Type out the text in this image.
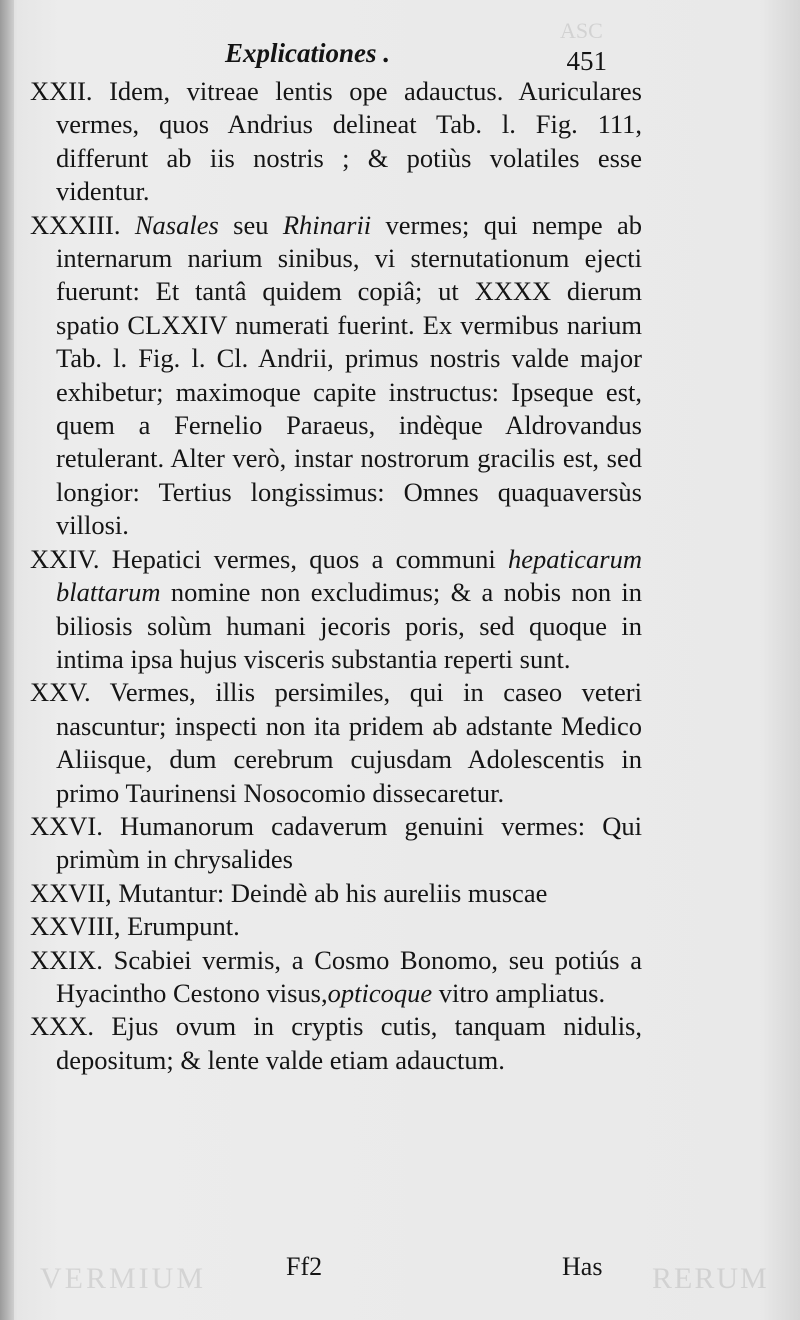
ASC
Explicationes .	451
XXII. Idem, vitreae lentis ope adauctus. Auriculares vermes, quos Andrius delineat Tab. l. Fig. 111, differunt ab iis nostris ; & potiùs volatiles esse videntur.
XXXIII. Nasales seu Rhinarii vermes; qui nempe ab internarum narium sinibus, vi sternutationum ejecti fuerunt: Et tantâ quidem copiâ; ut XXXX dierum spatio CLXXIV numerati fuerint. Ex vermibus narium Tab. l. Fig. l. Cl. Andrii, primus nostris valde major exhibetur; maximoque capite instructus: Ipseque est, quem a Fernelio Paraeus, indèque Aldrovandus retulerant. Alter verò, instar nostrorum gracilis est, sed longior: Tertius longissimus: Omnes quaquaversùs villosi.
XXIV. Hepatici vermes, quos a communi hepaticarum blattarum nomine non excludimus; & a nobis non in biliosis solùm humani jecoris poris, sed quoque in intima ipsa hujus visceris substantia reperti sunt.
XXV. Vermes, illis persimiles, qui in caseo veteri nascuntur; inspecti non ita pridem ab adstante Medico Aliisque, dum cerebrum cujusdam Adolescentis in primo Taurinensi Nosocomio dissecaretur.
XXVI. Humanorum cadaverum genuini vermes: Qui primùm in chrysalides
XXVII, Mutantur: Deindè ab his aureliis muscae
XXVIII, Erumpunt.
XXIX. Scabiei vermis, a Cosmo Bonomo, seu potiús a Hyacintho Cestono visus,opticoque vitro ampliatus.
XXX. Ejus ovum in cryptis cutis, tanquam nidulis, depositum; & lente valde etiam adauctum.
VERMIUM	RERUM
Ff2	Has
